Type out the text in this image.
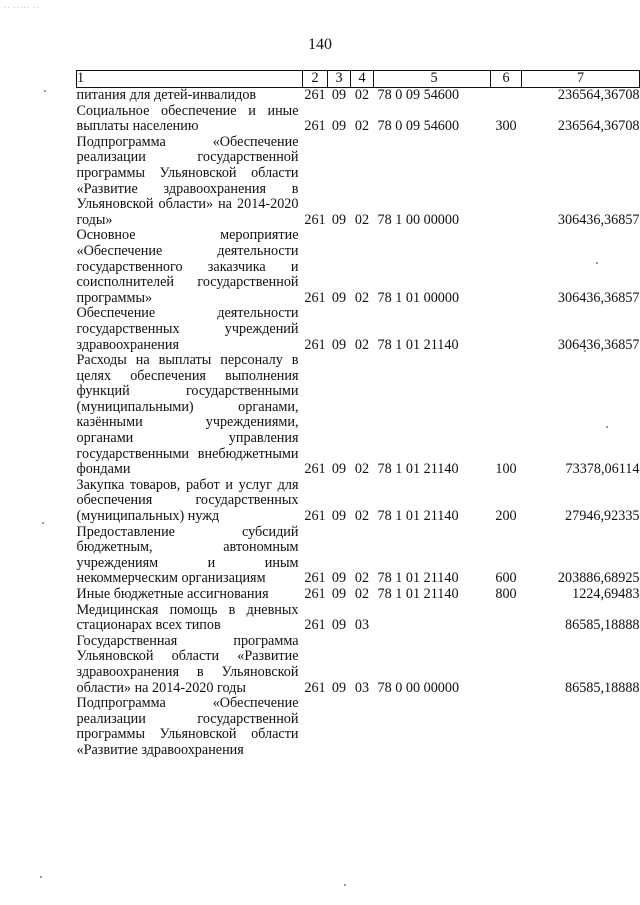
·· ····· ··
140
1	2	3	4	5	6	7
питания для детей-инвалидов	261	09	02	78 0 09 54600		236564,36708
Социальное обеспечение и иные выплаты населению	261	09	02	78 0 09 54600	300	236564,36708
Подпрограмма «Обеспечение реализации государственной программы Ульяновской области «Развитие здравоохранения в Ульяновской области» на 2014-2020 годы»	261	09	02	78 1 00 00000		306436,36857
Основное мероприятие «Обеспечение деятельности государственного заказчика и соисполнителей государственной программы»	261	09	02	78 1 01 00000		306436,36857
Обеспечение деятельности государственных учреждений здравоохранения	261	09	02	78 1 01 21140		306436,36857
Расходы на выплаты персоналу в целях обеспечения выполнения функций государственными (муниципальными) органами, казёнными учреждениями, органами управления государственными внебюджетными фондами	261	09	02	78 1 01 21140	100	73378,06114
Закупка товаров, работ и услуг для обеспечения государственных (муниципальных) нужд	261	09	02	78 1 01 21140	200	27946,92335
Предоставление субсидий бюджетным, автономным учреждениям и иным некоммерческим организациям	261	09	02	78 1 01 21140	600	203886,68925
Иные бюджетные ассигнования	261	09	02	78 1 01 21140	800	1224,69483
Медицинская помощь в дневных стационарах всех типов	261	09	03			86585,18888
Государственная программа Ульяновской области «Развитие здравоохранения в Ульяновской области» на 2014-2020 годы	261	09	03	78 0 00 00000		86585,18888
Подпрограмма «Обеспечение реализации государственной программы Ульяновской области «Развитие здравоохранения						
